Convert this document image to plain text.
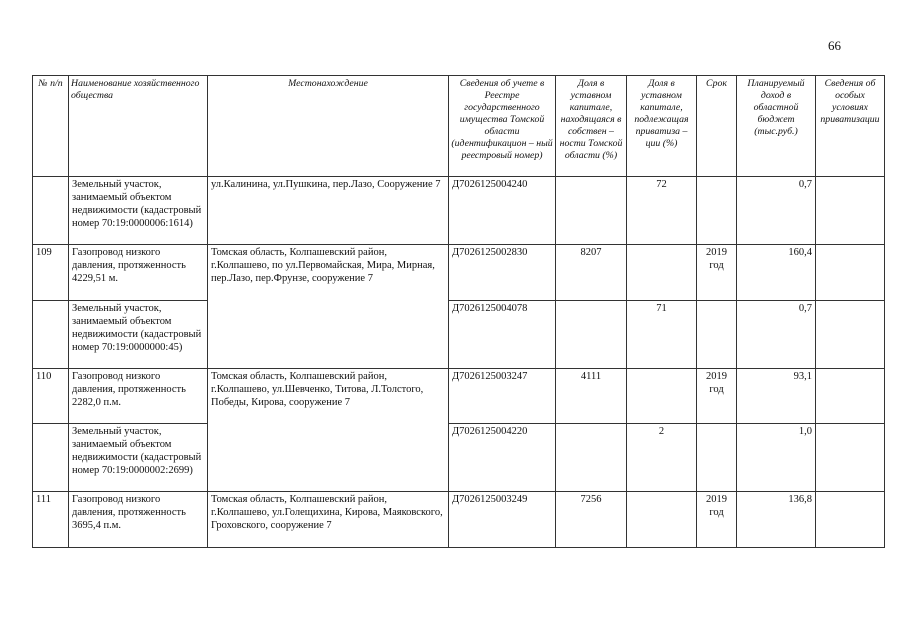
66
№ п/п	Наименование хозяйственного общества	Местонахождение	Сведения об учете в Реестре государственного имущества Томской области (идентификацион – ный реестровый номер)	Доля в уставном капитале, находящаяся в собствен – ности Томской области (%)	Доля в уставном капитале, подлежащая приватиза – ции (%)	Срок	Планируемый доход в областной бюджет (тыс.руб.)	Сведения об особых условиях приватизации
	Земельный участок, занимаемый объектом недвижимости (кадастровый номер 70:19:0000006:1614)	ул.Калинина, ул.Пушкина, пер.Лазо, Сооружение 7	Д7026125004240		72		0,7	
109	Газопровод низкого давления, протяженность 4229,51 м.	Томская область, Колпашевский район, г.Колпашево, по ул.Первомайская, Мира, Мирная, пер.Лазо, пер.Фрунзе, сооружение 7	Д7026125002830	8207		2019 год	160,4	
	Земельный участок, занимаемый объектом недвижимости (кадастровый номер 70:19:0000000:45)		Д7026125004078		71		0,7	
110	Газопровод низкого давления, протяженность 2282,0 п.м.	Томская область, Колпашевский район, г.Колпашево, ул.Шевченко, Титова, Л.Толстого, Победы, Кирова, сооружение 7	Д7026125003247	4111		2019 год	93,1	
	Земельный участок, занимаемый объектом недвижимости (кадастровый номер 70:19:0000002:2699)		Д7026125004220		2		1,0	
111	Газопровод низкого давления, протяженность 3695,4 п.м.	Томская область, Колпашевский район, г.Колпашево, ул.Голещихина, Кирова, Маяковского, Гроховского, сооружение 7	Д7026125003249	7256		2019 год	136,8	
